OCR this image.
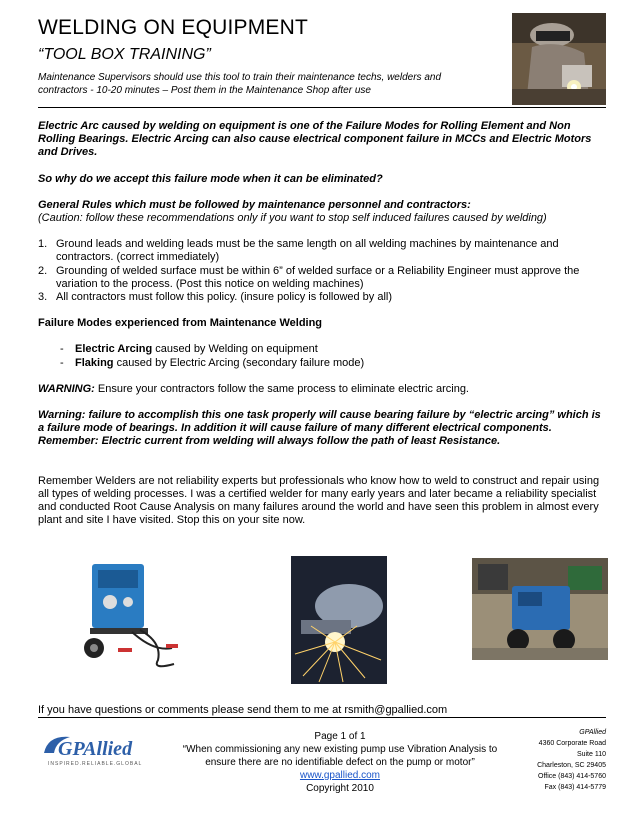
WELDING ON EQUIPMENT
“TOOL BOX TRAINING”
Maintenance Supervisors should use this tool to train their maintenance techs, welders and contractors - 10-20 minutes – Post them in the Maintenance Shop after use

Electric Arc caused by welding on equipment is one of the Failure Modes for Rolling Element and Non Rolling Bearings. Electric Arcing can also cause electrical component failure in MCCs and Electric Motors and Drives.

So why do we accept this failure mode when it can be eliminated?

General Rules which must be followed by maintenance personnel and contractors:

(Caution: follow these recommendations only if you want to stop self induced failures caused by welding)

1. Ground leads and welding leads must be the same length on all welding machines by maintenance and contractors. (correct immediately)
2. Grounding of welded surface must be within 6” of welded surface or a Reliability Engineer must approve the variation to the process. (Post this notice on welding machines)
3. All contractors must follow this policy. (insure policy is followed by all)

Failure Modes experienced from Maintenance Welding

- Electric Arcing caused by Welding on equipment
- Flaking caused by Electric Arcing (secondary failure mode)

WARNING: Ensure your contractors follow the same process to eliminate electric arcing.

Warning: failure to accomplish this one task properly will cause bearing failure by “electric arcing” which is a failure mode of bearings. In addition it will cause failure of many different electrical components. Remember: Electric current from welding will always follow the path of least Resistance.

Remember Welders are not reliability experts but professionals who know how to weld to construct and repair using all types of welding processes. I was a certified welder for many early years and later became a reliability specialist and conducted Root Cause Analysis on many failures around the world and have seen this problem in almost every plant and site I have visited. Stop this on your site now.

If you have questions or comments please send them to me at rsmith@gpallied.com
GPAllied
INSPIRED.RELIABLE.GLOBAL
Page 1 of 1
“When commissioning any new existing pump use Vibration Analysis to ensure there are no identifiable defect on the pump or motor”
www.gpallied.com
Copyright 2010
GPAllied
4360 Corporate Road
Suite 110
Charleston, SC 29405
Office (843) 414-5760
Fax (843) 414-5779
